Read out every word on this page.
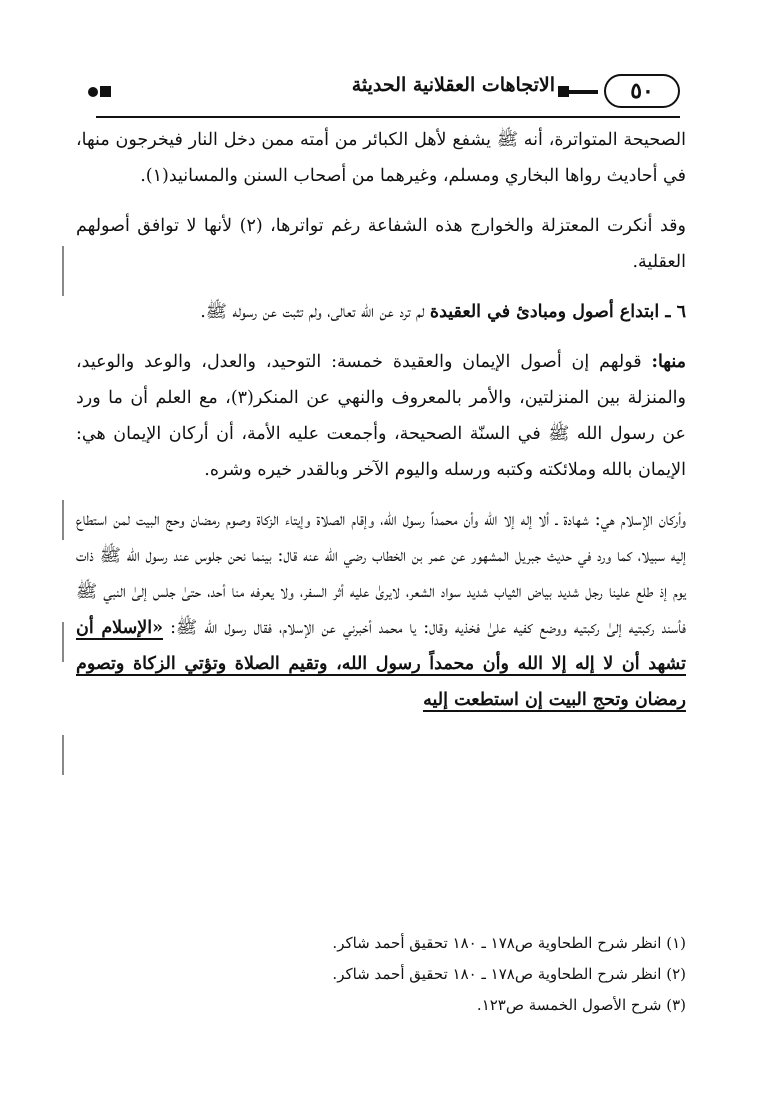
٥٠
الاتجاهات العقلانية الحديثة

الصحيحة المتواترة، أنه ﷺ يشفع لأهل الكبائر من أمته ممن دخل النار فيخرجون منها، في أحاديث رواها البخاري ومسلم، وغيرهما من أصحاب السنن والمسانيد(١).

وقد أنكرت المعتزلة والخوارج هذه الشفاعة رغم تواترها، (٢) لأنها لا توافق أصولهم العقلية.

٦ ـ ابتداع أصول ومبادئ في العقيدة لم ترد عن الله تعالى، ولم تثبت عن رسوله ﷺ.

منها: قولهم إن أصول الإيمان والعقيدة خمسة: التوحيد، والعدل، والوعد والوعيد، والمنزلة بين المنزلتين، والأمر بالمعروف والنهي عن المنكر(٣)، مع العلم أن ما ورد عن رسول الله ﷺ في السنّة الصحيحة، وأجمعت عليه الأمة، أن أركان الإيمان هي: الإيمان بالله وملائكته وكتبه ورسله واليوم الآخر وبالقدر خيره وشره.

وأركان الإسلام هي: شهادة ـ ألا إله إلا الله وأن محمداً رسول الله، وإقام الصلاة وإيتاء الزكاة وصوم رمضان وحج البيت لمن استطاع إليه سبيلا، كما ورد في حديث جبريل المشهور عن عمر بن الخطاب رضي الله عنه قال: بينما نحن جلوس عند رسول الله ﷺ ذات يوم إذ طلع علينا رجل شديد بياض الثياب شديد سواد الشعر، لايرىٰ عليه أثر السفر، ولا يعرفه منا أحد، حتىٰ جلس إلىٰ النبي ﷺ فأسند ركبتيه إلىٰ ركبتيه ووضع كفيه علىٰ فخذيه وقال: يا محمد أخبرني عن الإسلام، فقال رسول الله ﷺ: «الإسلام أن تشهد أن لا إله إلا الله وأن محمداً رسول الله، وتقيم الصلاة وتؤتي الزكاة وتصوم رمضان وتحج البيت إن استطعت إليه

(١) انظر شرح الطحاوية ص١٧٨ ـ ١٨٠ تحقيق أحمد شاكر.
(٢) انظر شرح الطحاوية ص١٧٨ ـ ١٨٠ تحقيق أحمد شاكر.
(٣) شرح الأصول الخمسة ص١٢٣.
